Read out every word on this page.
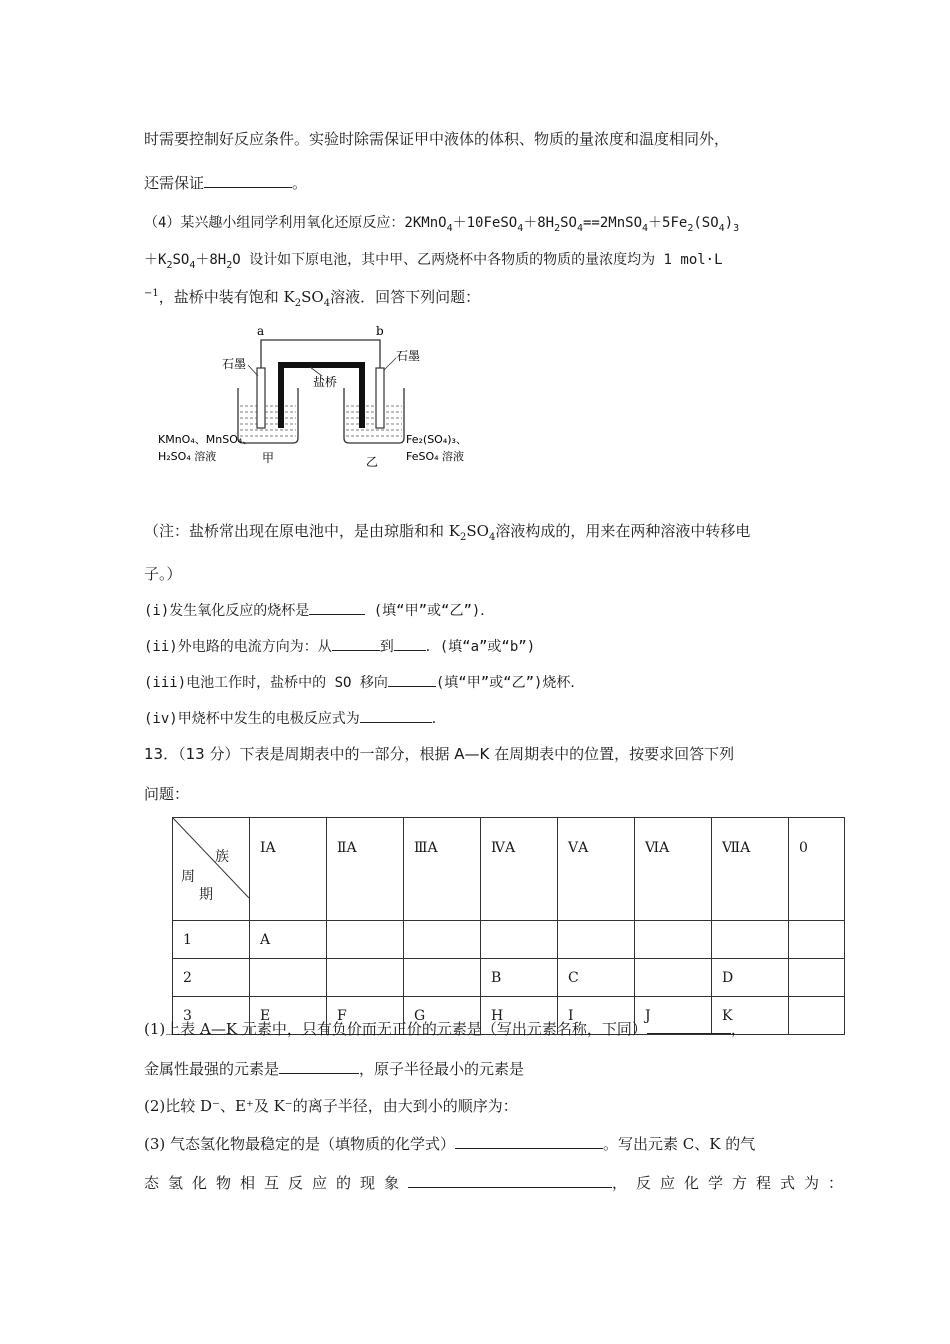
时需要控制好反应条件。实验时除需保证甲中液体的体积、物质的量浓度和温度相同外，
还需保证	。
（4）某兴趣小组同学利用氧化还原反应：$2KMnO_4+10FeSO_4+8H_2SO_4==2MnSO_4+5Fe_2(SO_4)_3$
$+K_2SO_4+8H_2O$ 设计如下原电池，其中甲、乙两烧杯中各物质的物质的量浓度均为 1 mol·L
$^{-1}$，盐桥中装有饱和 $K_2SO_4$溶液．回答下列问题：
a	b
石墨
石墨
盐桥
KMnO₄、MnSO₄、
H₂SO₄ 溶液
Fe₂(SO₄)₃、
FeSO₄ 溶液
甲	乙
（注：盐桥常出现在原电池中，是由琼脂和和 $K_2SO_4$溶液构成的，用来在两种溶液中转移电
子。）
(i)发生氧化反应的烧杯是	(填“甲”或“乙”)．
(ii)外电路的电流方向为：从	到 ．(填“a”或“b”)
(iii)电池工作时，盐桥中的 SO 移向	(填“甲”或“乙”)烧杯．
(iv)甲烧杯中发生的电极反应式为	．
13．（13 分）下表是周期表中的一部分，根据 A—K 在周期表中的位置，按要求回答下列
问题：
族
周
期	ⅠA	ⅡA	ⅢA	ⅣA	ⅤA	ⅥA	ⅦA	0
1	A							
2				B	C		D	
3	E	F	G	H	I	J	K	
(1)上表 A—K 元素中，只有负价而无正价的元素是（写出元素名称，下同）	，
金属性最强的元素是	，原子半径最小的元素是
(2)比较 D⁻、E⁺及 K⁻的离子半径，由大到小的顺序为：
(3) 气态氢化物最稳定的是（填物质的化学式）	。写出元素 C、K 的气
态氢化物相互反应的现象	，反应化学方程式为：
